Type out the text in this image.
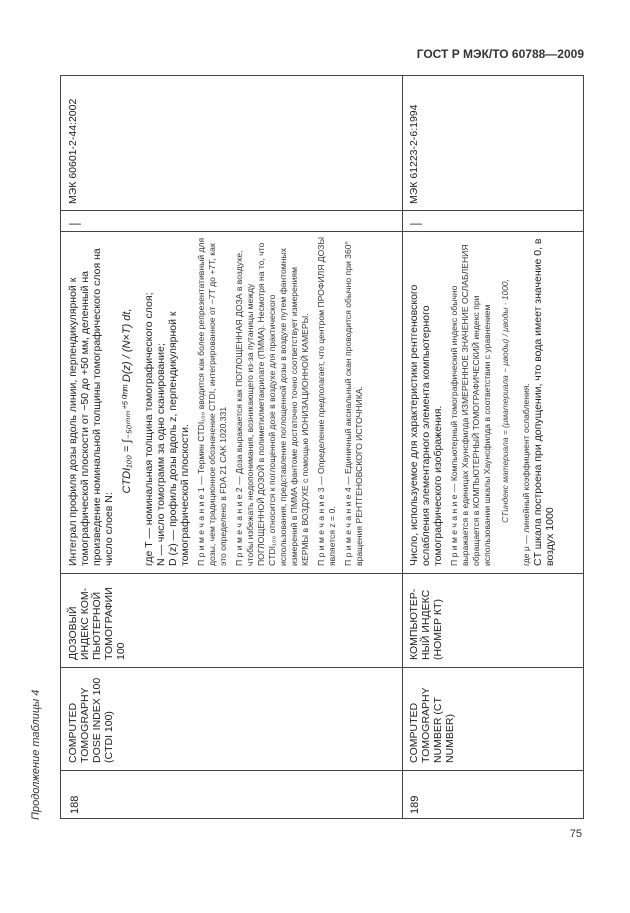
ГОСТ Р МЭК/ТО 60788—2009
75
Продолжение таблицы 4 188
COMPUTED TOMOGRAPHY DOSE INDEX 100 (CTDI 100)
ДОЗОВЫЙ ИНДЕКС КОМ-ПЬЮТЕРНОЙ ТОМОГРАФИИ 100

Интеграл профиля дозы вдоль линии, перпендикулярной к томографической плоскости от −50 до +50 мм, деленный на произведение номинальной толщины томографического слоя на число слоев N:

CTDI₁₀₀ = ∫₋₅₀ₘₘ⁺⁵⁰ᵐᵐ D(z) / (N×T) dt, где T — номинальная толщина томографического слоя; N — число томограмм за одно сканирование; D (z) — профиль дозы вдоль z, перпендикулярной к томографической плоскости. П р и м е ч а н и е 1 — Термин CTDI₁₀₀ вводится как более репрезентативный для дозы, чем традиционное обозначение CTDI, интегрированное от −7T до +7T, как это определено в FDA 21 CAK 1020.331 П р и м е ч а н и е 2 — Доза выражается как ПОГЛОЩЕННАЯ ДОЗА в воздухе, чтобы избежать недопонимания, возникающего из-за путаницы между ПОГЛОЩЕННОЙ ДОЗОЙ в полиметилметакрилате (ПММА). Несмотря на то, что CTDI₁₀₀ относится к поглощенной дозе в воздухе для практического использования, представление поглощенной дозы в воздухе путем фантомных измерений в ПММА фантоме достаточно точно соответствует измерениям КЕРМЫ в ВОЗДУХЕ с помощью ИОНИЗАЦИОННОЙ КАМЕРЫ. П р и м е ч а н и е 3 — Определение предполагает, что центром ПРОФИЛЯ ДОЗЫ является z = 0. П р и м е ч а н и е 4 — Единичный аксиальный скан проводится обычно при 360° вращения РЕНТГЕНОВСКОГО ИСТОЧНИКА.

—
МЭК 60601-2-44:2002
189
COMPUTED TOMOGRAPHY NUMBER (CT NUMBER)
КОМПЬЮТЕР-НЫЙ ИНДЕКС (НОМЕР КТ)

Число, используемое для характеристики рентгеновского ослабления элементарного элемента компьютерного томографического изображения. П р и м е ч а н и е — Компьютерный томографический индекс обычно выражается в единицах Хаунсфилда ИЗМЕРЕННОЕ ЗНАЧЕНИЕ ОСЛАБЛЕНИЯ обращается в КОМПЬЮТЕРНЫЙ ТОМОГРАФИЧЕСКИЙ индекс при использовании шкалы Хаунсфилда в соответствии с уравнением CTиндекс материала = (μматериала − μводы) / μводы · 1000, где μ — линейный коэффициент ослабления. CT шкала построена при допущении, что вода имеет значение 0, в воздух 1000

—
МЭК 61223-2-6:1994
